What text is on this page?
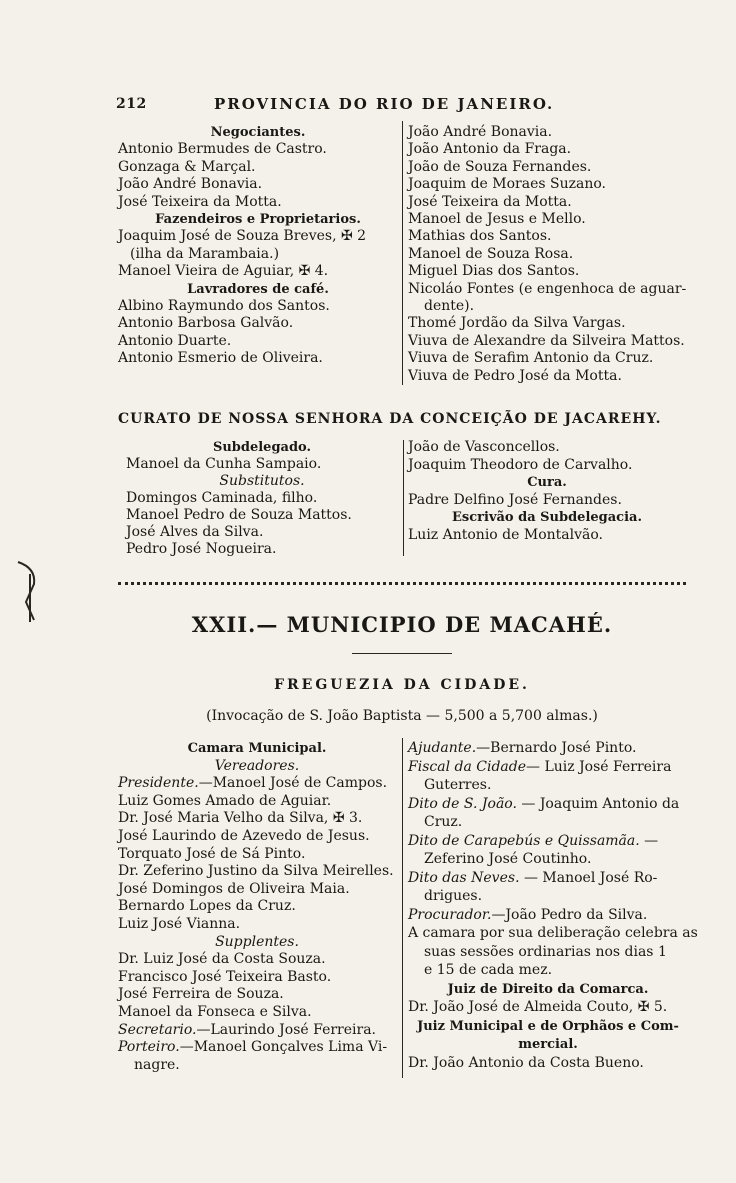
212	PROVINCIA DO RIO DE JANEIRO.
Negociantes.
Antonio Bermudes de Castro.
Gonzaga & Marçal.
João André Bonavia.
José Teixeira da Motta.
Fazendeiros e Proprietarios.
Joaquim José de Souza Breves, ✠ 2
(ilha da Marambaia.)
Manoel Vieira de Aguiar, ✠ 4.
Lavradores de café.
Albino Raymundo dos Santos.
Antonio Barbosa Galvão.
Antonio Duarte.
Antonio Esmerio de Oliveira.
João André Bonavia.
João Antonio da Fraga.
João de Souza Fernandes.
Joaquim de Moraes Suzano.
José Teixeira da Motta.
Manoel de Jesus e Mello.
Mathias dos Santos.
Manoel de Souza Rosa.
Miguel Dias dos Santos.
Nicoláo Fontes (e engenhoca de aguar-
dente).
Thomé Jordão da Silva Vargas.
Viuva de Alexandre da Silveira Mattos.
Viuva de Serafim Antonio da Cruz.
Viuva de Pedro José da Motta.
CURATO DE NOSSA SENHORA DA CONCEIÇÃO DE JACAREHY.
Subdelegado.
Manoel da Cunha Sampaio.
Substitutos.
Domingos Caminada, filho.
Manoel Pedro de Souza Mattos.
José Alves da Silva.
Pedro José Nogueira.
João de Vasconcellos.
Joaquim Theodoro de Carvalho.
Cura.
Padre Delfino José Fernandes.
Escrivão da Subdelegacia.
Luiz Antonio de Montalvão.
XXII.— MUNICIPIO DE MACAHÉ.
FREGUEZIA DA CIDADE.
(Invocação de S. João Baptista — 5,500 a 5,700 almas.)
Camara Municipal.
Vereadores.
Presidente.—Manoel José de Campos.
Luiz Gomes Amado de Aguiar.
Dr. José Maria Velho da Silva, ✠ 3.
José Laurindo de Azevedo de Jesus.
Torquato José de Sá Pinto.
Dr. Zeferino Justino da Silva Meirelles.
José Domingos de Oliveira Maia.
Bernardo Lopes da Cruz.
Luiz José Vianna.
Supplentes.
Dr. Luiz José da Costa Souza.
Francisco José Teixeira Basto.
José Ferreira de Souza.
Manoel da Fonseca e Silva.
Secretario.—Laurindo José Ferreira.
Porteiro.—Manoel Gonçalves Lima Vi-
nagre.
Ajudante.—Bernardo José Pinto.
Fiscal da Cidade— Luiz José Ferreira
Guterres.
Dito de S. João. — Joaquim Antonio da
Cruz.
Dito de Carapebús e Quissamãa. —
Zeferino José Coutinho.
Dito das Neves. — Manoel José Ro-
drigues.
Procurador.—João Pedro da Silva.
A camara por sua deliberação celebra as
suas sessões ordinarias nos dias 1
e 15 de cada mez.
Juiz de Direito da Comarca.
Dr. João José de Almeida Couto, ✠ 5.
Juiz Municipal e de Orphãos e Com-
mercial.
Dr. João Antonio da Costa Bueno.
